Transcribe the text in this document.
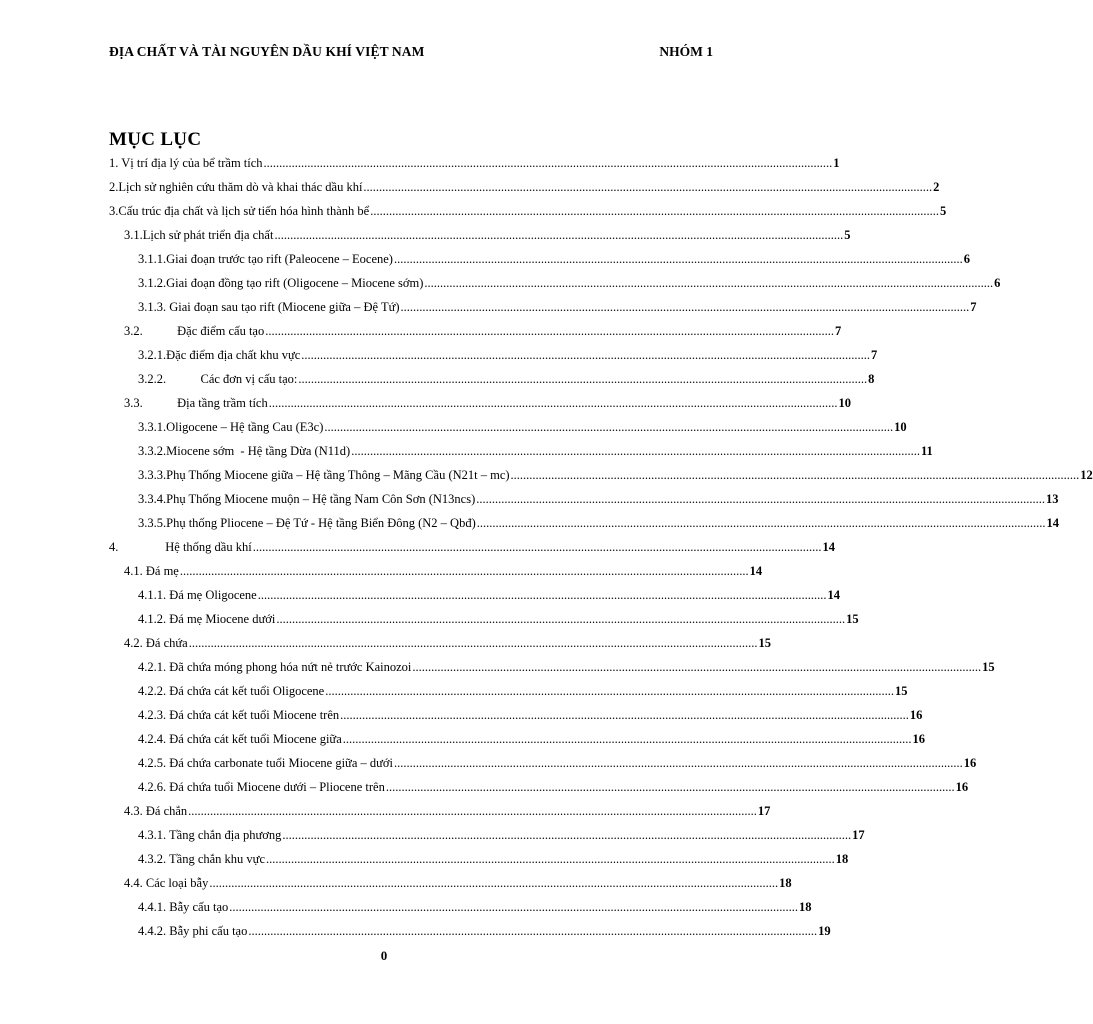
ĐỊA CHẤT VÀ TÀI NGUYÊN DẦU KHÍ VIỆT NAM	NHÓM 1
MỤC LỤC
1. Vị trí địa lý của bể trầm tích ...................................................................................................................................................................................... 1
2.Lịch sử nghiên cứu thăm dò và khai thác dầu khí ...................................................................................................................................................................................... 2
3.Cấu trúc địa chất và lịch sử tiến hóa hình thành bể ...................................................................................................................................................................................... 5
3.1.Lịch sử phát triển địa chất ...................................................................................................................................................................................... 5
3.1.1.Giai đoạn trước tạo rift (Paleocene – Eocene) ...................................................................................................................................................................................... 6
3.1.2.Giai đoạn đồng tạo rift (Oligocene – Miocene sớm) ...................................................................................................................................................................................... 6
3.1.3. Giai đoạn sau tạo rift (Miocene giữa – Đệ Tứ) ...................................................................................................................................................................................... 7
3.2.           Đặc điểm cấu tạo ...................................................................................................................................................................................... 7
3.2.1.Đặc điểm địa chất khu vực ...................................................................................................................................................................................... 7
3.2.2.           Các đơn vị cấu tạo: ...................................................................................................................................................................................... 8
3.3.           Địa tầng trầm tích ...................................................................................................................................................................................... 10
3.3.1.Oligocene – Hệ tầng Cau (E3c) ...................................................................................................................................................................................... 10
3.3.2.Miocene sớm  - Hệ tầng Dừa (N11d) ...................................................................................................................................................................................... 11
3.3.3.Phụ Thống Miocene giữa – Hệ tầng Thông – Mãng Cầu (N21t – mc) ...................................................................................................................................................................................... 12
3.3.4.Phụ Thống Miocene muộn – Hệ tầng Nam Côn Sơn (N13ncs) ...................................................................................................................................................................................... 13
3.3.5.Phụ thống Pliocene – Đệ Tứ - Hệ tầng Biển Đông (N2 – Qbđ) ...................................................................................................................................................................................... 14
4.               Hệ thống dầu khí ...................................................................................................................................................................................... 14
4.1. Đá mẹ ...................................................................................................................................................................................... 14
4.1.1. Đá mẹ Oligocene ...................................................................................................................................................................................... 14
4.1.2. Đá mẹ Miocene dưới ...................................................................................................................................................................................... 15
4.2. Đá chứa ...................................................................................................................................................................................... 15
4.2.1. Đã chứa móng phong hóa nứt nẻ trước Kainozoi ...................................................................................................................................................................................... 15
4.2.2. Đá chứa cát kết tuổi Oligocene ...................................................................................................................................................................................... 15
4.2.3. Đá chứa cát kết tuổi Miocene trên ...................................................................................................................................................................................... 16
4.2.4. Đá chứa cát kết tuổi Miocene giữa ...................................................................................................................................................................................... 16
4.2.5. Đá chứa carbonate tuổi Miocene giữa – dưới ...................................................................................................................................................................................... 16
4.2.6. Đá chứa tuổi Miocene dưới – Pliocene trên ...................................................................................................................................................................................... 16
4.3. Đá chắn ...................................................................................................................................................................................... 17
4.3.1. Tầng chắn địa phương ...................................................................................................................................................................................... 17
4.3.2. Tầng chắn khu vực ...................................................................................................................................................................................... 18
4.4. Các loại bẫy ...................................................................................................................................................................................... 18
4.4.1. Bẫy cấu tạo ...................................................................................................................................................................................... 18
4.4.2. Bẫy phi cấu tạo ...................................................................................................................................................................................... 19
0
